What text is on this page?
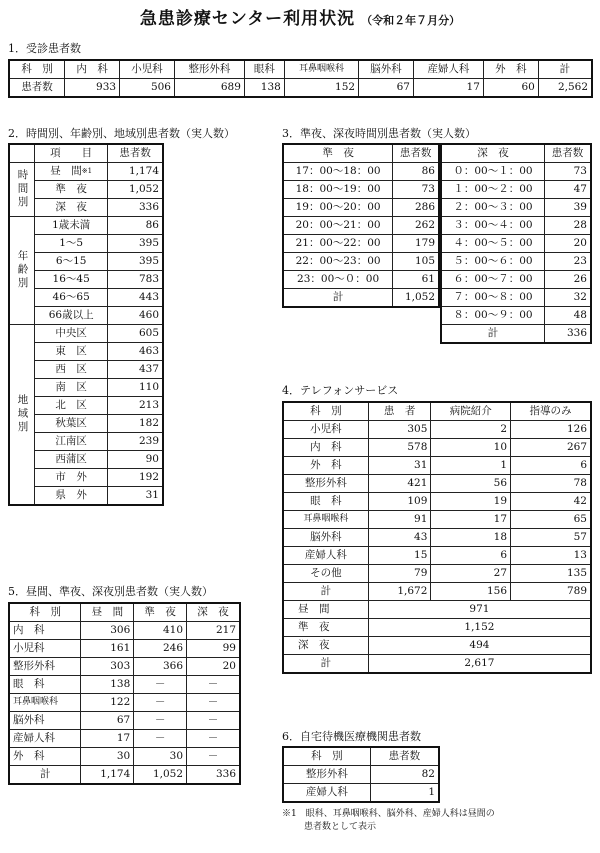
急患診療センター利用状況 （令和２年７月分）
1．受診患者数
科　別	内　科	小児科	整形外科	眼科	耳鼻咽喉科	脳外科	産婦人科	外　科	計
患者数	933	506	689	138	152	67	17	60	2,562
2．時間別、年齢別、地域別患者数（実人数）
	項　　目	患者数
時間別	昼　間$^{※1}$	1,174
	準　夜	1,052
	深　夜	336
年齢別	1歳未満	86
	1～5	395
	6～15	395
	16～45	783
	46～65	443
	66歳以上	460
地域別	中央区	605
	東　区	463
	西　区	437
	南　区	110
	北　区	213
	秋葉区	182
	江南区	239
	西蒲区	90
	市　外	192
	県　外	31
3．準夜、深夜時間別患者数（実人数）
準　夜	患者数
17：00～18：00	86
18：00～19：00	73
19：00～20：00	286
20：00～21：00	262
21：00～22：00	179
22：00～23：00	105
23：00～０：00	61
計	1,052
深　夜	患者数
０：00～１：00	73
１：00～２：00	47
２：00～３：00	39
３：00～４：00	28
４：00～５：00	20
５：00～６：00	23
６：00～７：00	26
７：00～８：00	32
８：00～９：00	48
計	336
4．テレフォンサービス
科　別	患　者	病院紹介	指導のみ
小児科	305	2	126
内　科	578	10	267
外　科	31	1	6
整形外科	421	56	78
眼　科	109	19	42
耳鼻咽喉科	91	17	65
脳外科	43	18	57
産婦人科	15	6	13
その他	79	27	135
計	1,672	156	789
昼　間	971		
準　夜	1,152		
深　夜	494		
計	2,617		
5．昼間、準夜、深夜別患者数（実人数）
科　別	昼　間	準　夜	深　夜
内　科	306	410	217
小児科	161	246	99
整形外科	303	366	20
眼　科	138	－	－
耳鼻咽喉科	122	－	－
脳外科	67	－	－
産婦人科	17	－	－
外　科	30	30	－
計	1,174	1,052	336
6．自宅待機医療機関患者数
科　別	患者数
整形外科	82
産婦人科	1
※1　 眼科、耳鼻咽喉科、脳外科、産婦人科は昼間の
患者数として表示
